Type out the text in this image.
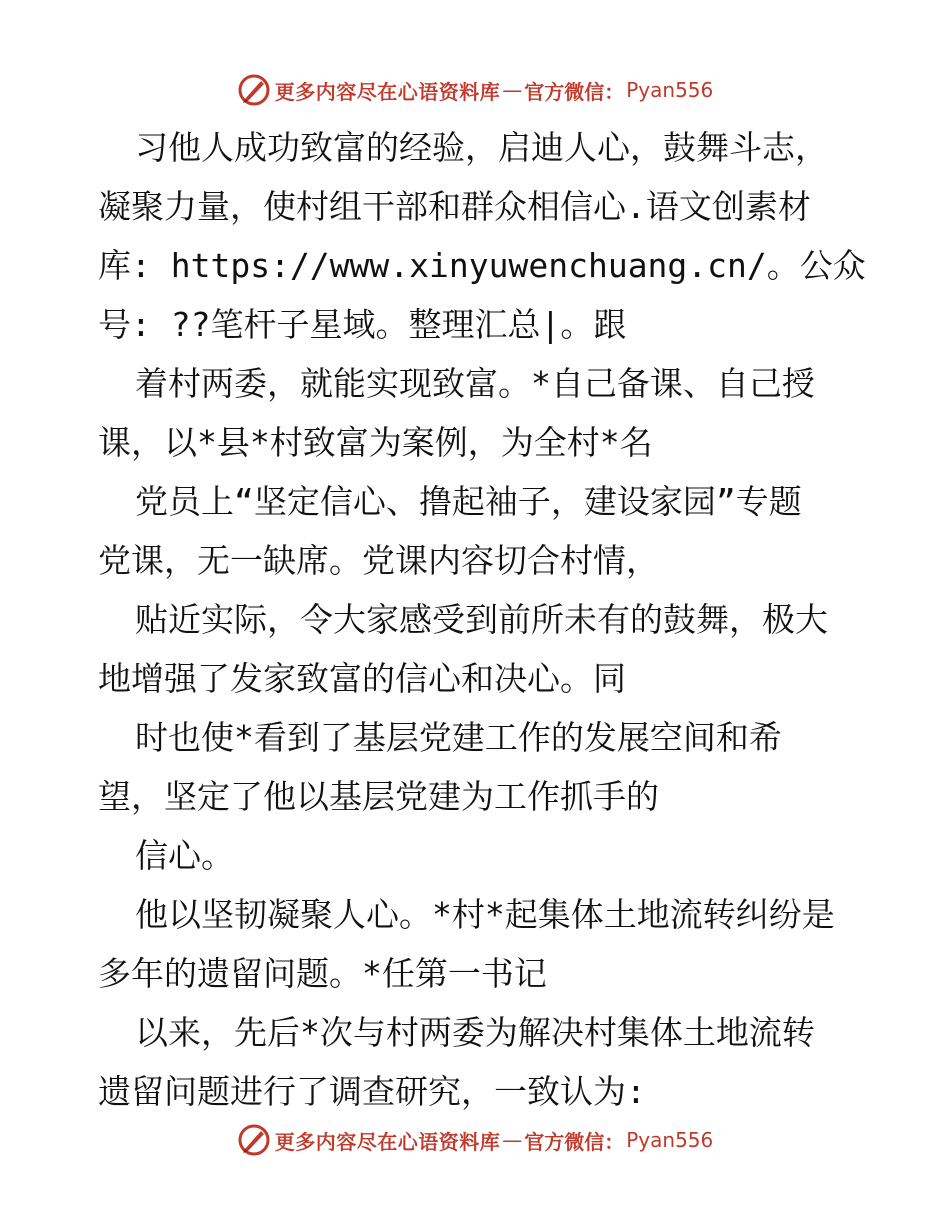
更多内容尽在心语资料库 — 官方微信： Pyan556
习他人成功致富的经验，启迪人心，鼓舞斗志，
凝聚力量，使村组干部和群众相信心.语文创素材
库: https://www.xinyuwenchuang.cn/。公众
号: ??笔杆子星域。整理汇总|。跟
着村两委，就能实现致富。*自己备课、自己授
课，以*县*村致富为案例，为全村*名
党员上“坚定信心、撸起袖子，建设家园”专题
党课，无一缺席。党课内容切合村情，
贴近实际，令大家感受到前所未有的鼓舞，极大
地增强了发家致富的信心和决心。同
时也使*看到了基层党建工作的发展空间和希
望，坚定了他以基层党建为工作抓手的
信心。
他以坚韧凝聚人心。*村*起集体土地流转纠纷是
多年的遗留问题。*任第一书记
以来，先后*次与村两委为解决村集体土地流转
遗留问题进行了调查研究，一致认为:
更多内容尽在心语资料库 — 官方微信： Pyan556
